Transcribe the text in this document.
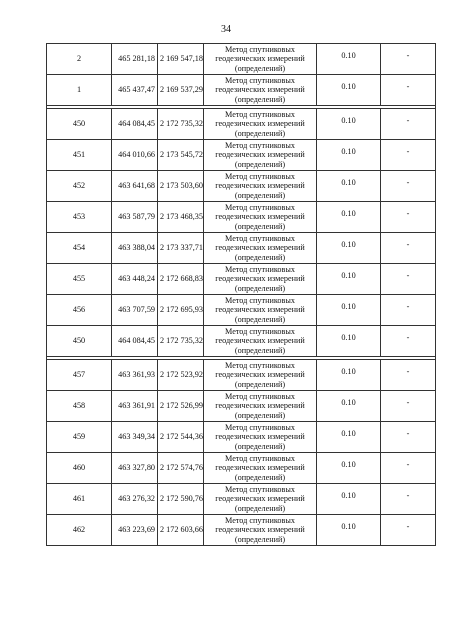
34
2	465 281,18	2 169 547,18	Метод спутниковых геодезических измерений (определений)	0.10	-
1	465 437,47	2 169 537,29	Метод спутниковых геодезических измерений (определений)	0.10	-

450	464 084,45	2 172 735,32	Метод спутниковых геодезических измерений (определений)	0.10	-
451	464 010,66	2 173 545,72	Метод спутниковых геодезических измерений (определений)	0.10	-
452	463 641,68	2 173 503,60	Метод спутниковых геодезических измерений (определений)	0.10	-
453	463 587,79	2 173 468,35	Метод спутниковых геодезических измерений (определений)	0.10	-
454	463 388,04	2 173 337,71	Метод спутниковых геодезических измерений (определений)	0.10	-
455	463 448,24	2 172 668,83	Метод спутниковых геодезических измерений (определений)	0.10	-
456	463 707,59	2 172 695,93	Метод спутниковых геодезических измерений (определений)	0.10	-
450	464 084,45	2 172 735,32	Метод спутниковых геодезических измерений (определений)	0.10	-

457	463 361,93	2 172 523,92	Метод спутниковых геодезических измерений (определений)	0.10	-
458	463 361,91	2 172 526,99	Метод спутниковых геодезических измерений (определений)	0.10	-
459	463 349,34	2 172 544,36	Метод спутниковых геодезических измерений (определений)	0.10	-
460	463 327,80	2 172 574,76	Метод спутниковых геодезических измерений (определений)	0.10	-
461	463 276,32	2 172 590,76	Метод спутниковых геодезических измерений (определений)	0.10	-
462	463 223,69	2 172 603,66	Метод спутниковых геодезических измерений (определений)	0.10	-
